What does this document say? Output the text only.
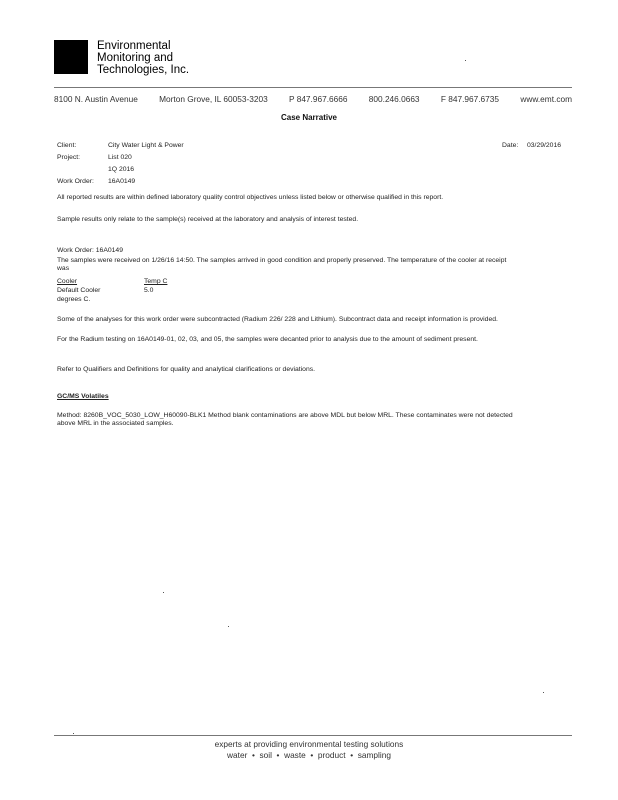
Environmental
Monitoring and
Technologies, Inc.
8100 N. Austin Avenue	Morton Grove, IL 60053-3203	P 847.967.6666	800.246.0663	F 847.967.6735	www.emt.com
Case Narrative
Client:	City Water Light & Power	Date: 03/29/2016
Project:	List 020
1Q 2016
Work Order: 16A0149
All reported results are within defined laboratory quality control objectives unless listed below or otherwise qualified in this report.
Sample results only relate to the sample(s) received at the laboratory and analysis of interest tested.
Work Order: 16A0149
The samples were received on 1/26/16 14:50. The samples arrived in good condition and properly preserved. The temperature of the cooler at receipt was
Cooler	Temp C
Default Cooler	5.0
degrees C.
Some of the analyses for this work order were subcontracted (Radium 226/ 228 and Lithium). Subcontract data and receipt information is provided.
For the Radium testing on 16A0149-01, 02, 03, and 05, the samples were decanted prior to analysis due to the amount of sediment present.
Refer to Qualifiers and Definitions for quality and analytical clarifications or deviations.
GC/MS Volatiles
Method: 8260B_VOC_5030_LOW_H60090-BLK1 Method blank contaminations are above MDL but below MRL. These contaminates were not detected above MRL in the associated samples.
experts at providing environmental testing solutions
water  •  soil  •  waste  •  product  •  sampling
